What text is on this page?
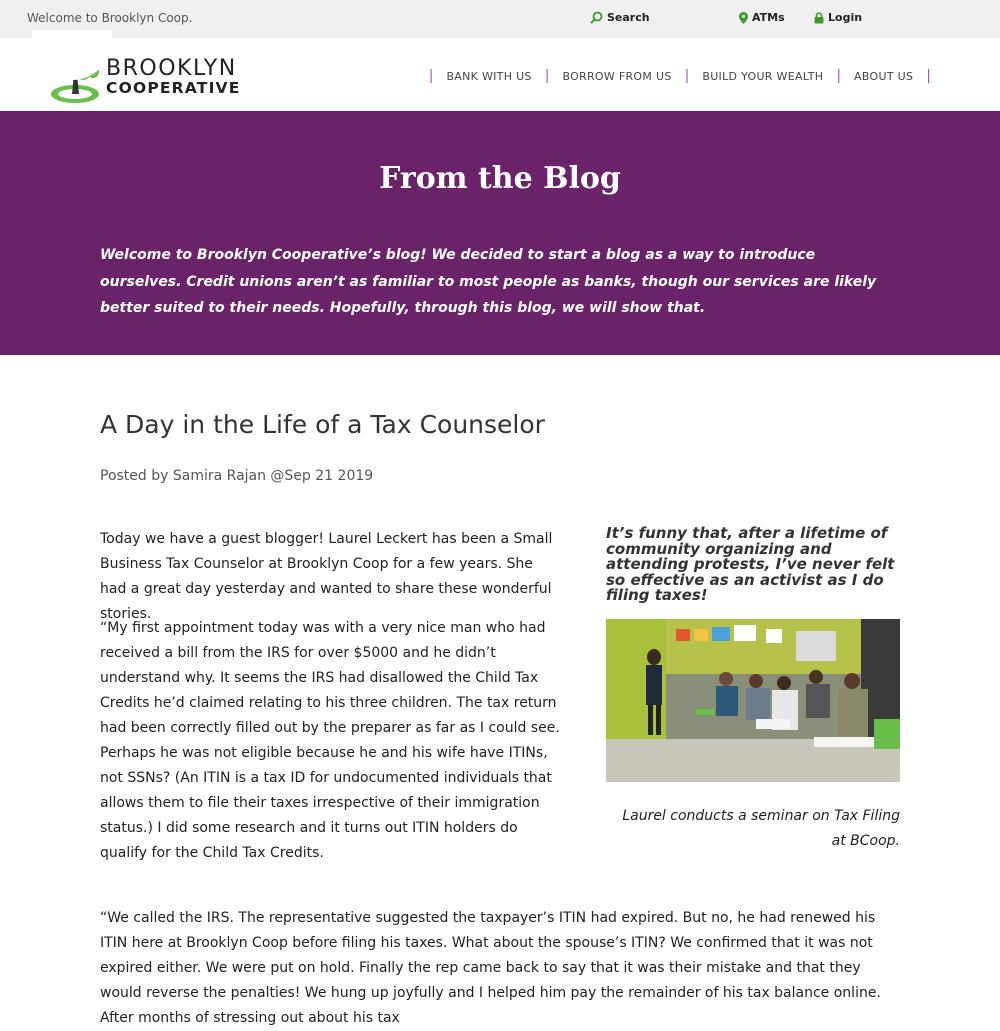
Welcome to Brooklyn Coop.	Search	ATMs	Login
BROOKLYN
COOPERATIVE
| BANK WITH US | BORROW FROM US | BUILD YOUR WEALTH | ABOUT US |
From the Blog

Welcome to Brooklyn Cooperative’s blog! We decided to start a blog as a way to introduce ourselves. Credit unions aren’t as familiar to most people as banks, though our services are likely better suited to their needs. Hopefully, through this blog, we will show that.

A Day in the Life of a Tax Counselor
Posted by Samira Rajan @Sep 21 2019

Today we have a guest blogger! Laurel Leckert has been a Small Business Tax Counselor at Brooklyn Coop for a few years. She had a great day yesterday and wanted to share these wonderful stories.

“My first appointment today was with a very nice man who had received a bill from the IRS for over $5000 and he didn’t understand why. It seems the IRS had disallowed the Child Tax Credits he’d claimed relating to his three children. The tax return had been correctly filled out by the preparer as far as I could see. Perhaps he was not eligible because he and his wife have ITINs, not SSNs? (An ITIN is a tax ID for undocumented individuals that allows them to file their taxes irrespective of their immigration status.) I did some research and it turns out ITIN holders do qualify for the Child Tax Credits.

It’s funny that, after a lifetime of community organizing and attending protests, I’ve never felt so effective as an activist as I do filing taxes!

Laurel conducts a seminar on Tax Filing at BCoop.

“We called the IRS. The representative suggested the taxpayer’s ITIN had expired. But no, he had renewed his ITIN here at Brooklyn Coop before filing his taxes. What about the spouse’s ITIN? We confirmed that it was not expired either. We were put on hold. Finally the rep came back to say that it was their mistake and that they would reverse the penalties! We hung up joyfully and I helped him pay the remainder of his tax balance online. After months of stressing out about his tax
